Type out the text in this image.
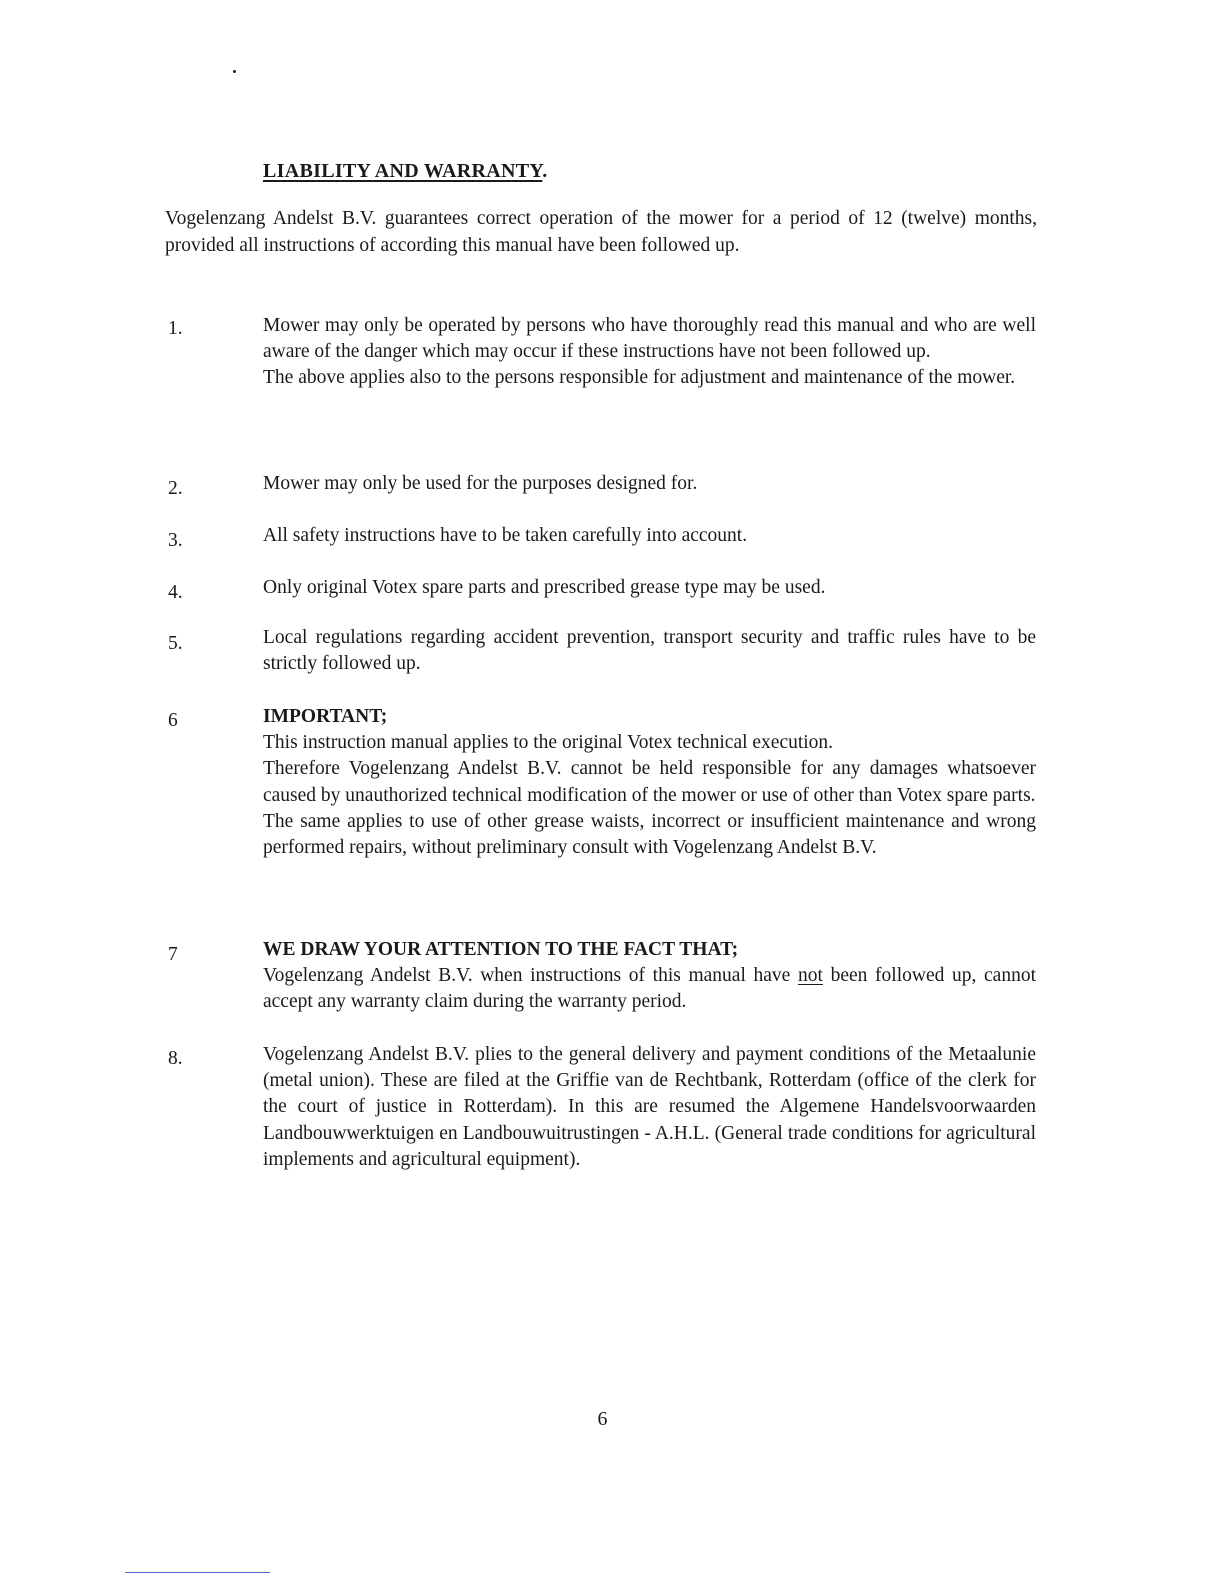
LIABILITY AND WARRANTY.
Vogelenzang Andelst B.V. guarantees correct operation of the mower for a period of 12 (twelve) months, provided all instructions of according this manual have been followed up.
1.	Mower may only be operated by persons who have thoroughly read this manual and who are well aware of the danger which may occur if these instructions have not been followed up.

The above applies also to the persons responsible for adjustment and maintenance of the mower.

2.	Mower may only be used for the purposes designed for.

3.	All safety instructions have to be taken carefully into account.

4.	Only original Votex spare parts and prescribed grease type may be used.

5.	Local regulations regarding accident prevention, transport security and traffic rules have to be strictly followed up.

6	IMPORTANT;

This instruction manual applies to the original Votex technical execution.

Therefore Vogelenzang Andelst B.V. cannot be held responsible for any damages whatsoever caused by unauthorized technical modification of the mower or use of other than Votex spare parts.

The same applies to use of other grease waists, incorrect or insufficient maintenance and wrong performed repairs, without preliminary consult with Vogelenzang Andelst B.V.

7	WE DRAW YOUR ATTENTION TO THE FACT THAT;

Vogelenzang Andelst B.V. when instructions of this manual have not been followed up, cannot accept any warranty claim during the warranty period.

8.	Vogelenzang Andelst B.V. plies to the general delivery and payment conditions of the Metaalunie (metal union). These are filed at the Griffie van de Rechtbank, Rotterdam (office of the clerk for the court of justice in Rotterdam). In this are resumed the Algemene Handelsvoorwaarden Landbouwwerktuigen en Landbouwuitrustingen - A.H.L. (General trade conditions for agricultural implements and agricultural equipment).

6
